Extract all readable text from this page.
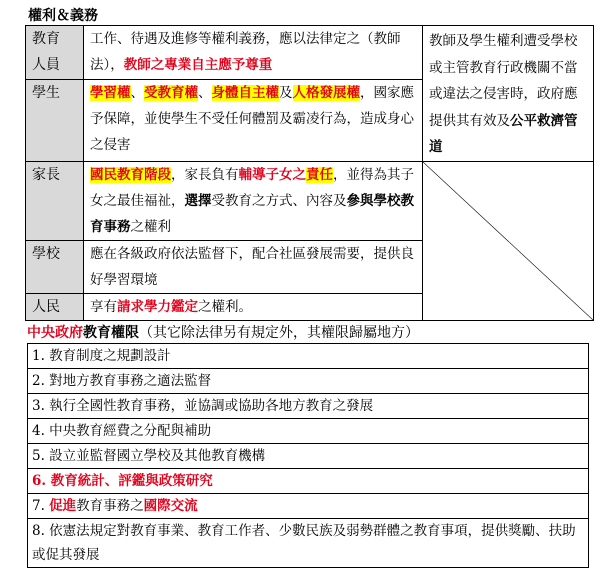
權利＆義務
教育人員	工作、待遇及進修等權利義務，應以法律定之（教師法），教師之專業自主應予尊重	教師及學生權利遭受學校或主管教育行政機關不當或違法之侵害時，政府應提供其有效及公平救濟管道
學生	學習權、受教育權、身體自主權及人格發展權，國家應予保障，並使學生不受任何體罰及霸凌行為，造成身心之侵害	
家長	國民教育階段，家長負有輔導子女之責任，並得為其子女之最佳福祉，選擇受教育之方式、內容及參與學校教育事務之權利	

學校	應在各級政府依法監督下，配合社區發展需要，提供良好學習環境	
人民	享有請求學力鑑定之權利。	
中央政府教育權限（其它除法律另有規定外，其權限歸屬地方）
1. 教育制度之規劃設計
2. 對地方教育事務之適法監督
3. 執行全國性教育事務，並協調或協助各地方教育之發展
4. 中央教育經費之分配與補助
5. 設立並監督國立學校及其他教育機構
6. 教育統計、評鑑與政策研究
7. 促進教育事務之國際交流
8. 依憲法規定對教育事業、教育工作者、少數民族及弱勢群體之教育事項，提供獎勵、扶助或促其發展
